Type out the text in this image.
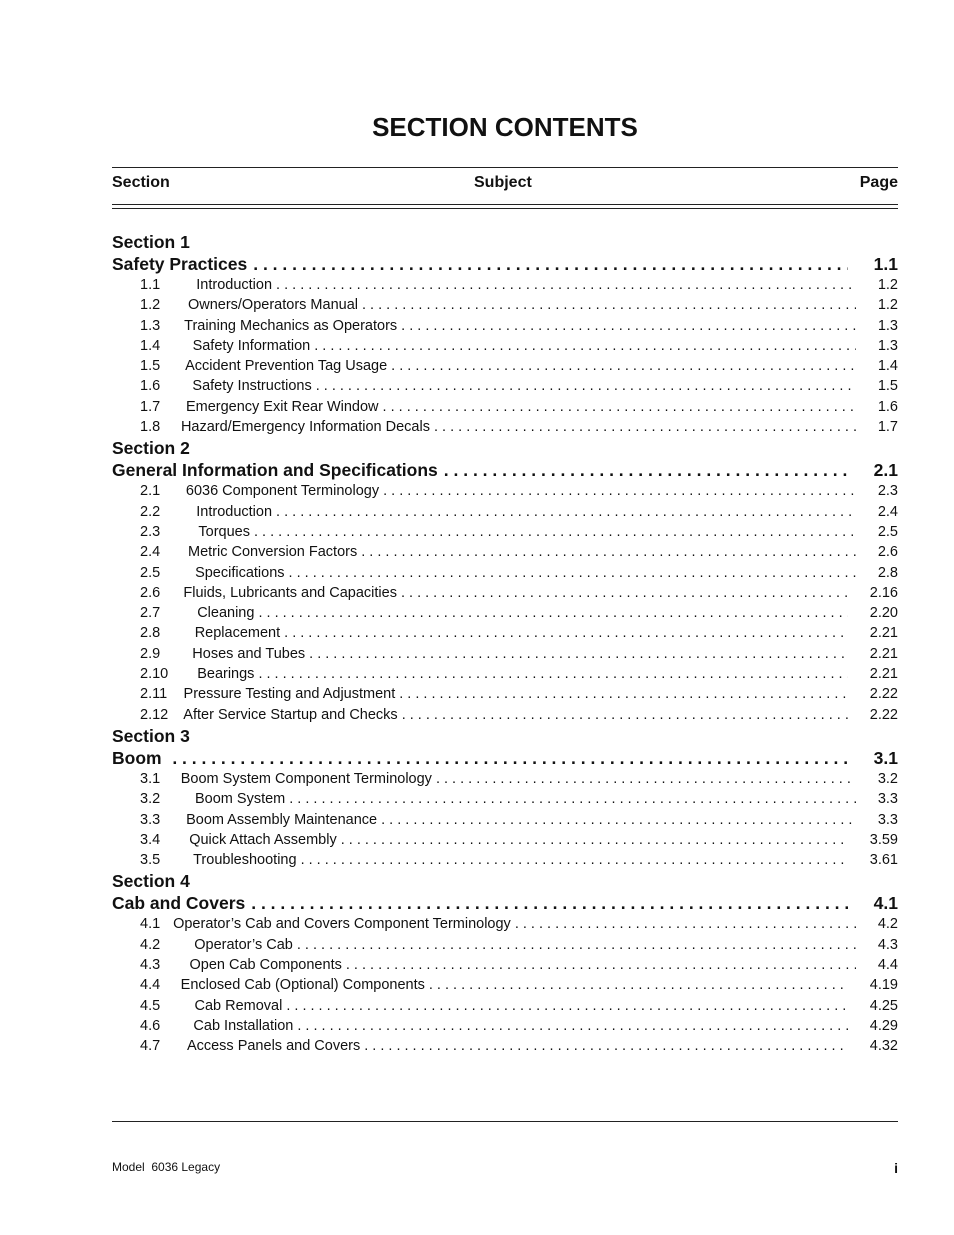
SECTION CONTENTS
Section	Subject	Page
Section 1
Safety Practices . . .	1.1
1.1	Introduction . . .	1.2
1.2	Owners/Operators Manual . . .	1.2
1.3	Training Mechanics as Operators . . .	1.3
1.4	Safety Information . . .	1.3
1.5	Accident Prevention Tag Usage . . .	1.4
1.6	Safety Instructions . . .	1.5
1.7	Emergency Exit Rear Window . . .	1.6
1.8	Hazard/Emergency Information Decals . . .	1.7
Section 2
General Information and Specifications . . .	2.1
2.1	6036 Component Terminology . . .	2.3
2.2	Introduction . . .	2.4
2.3	Torques . . .	2.5
2.4	Metric Conversion Factors . . .	2.6
2.5	Specifications . . .	2.8
2.6	Fluids, Lubricants and Capacities . . .	2.16
2.7	Cleaning . . .	2.20
2.8	Replacement . . .	2.21
2.9	Hoses and Tubes . . .	2.21
2.10	Bearings . . .	2.21
2.11	Pressure Testing and Adjustment . . .	2.22
2.12	After Service Startup and Checks . . .	2.22
Section 3
Boom . . .	3.1
3.1	Boom System Component Terminology . . .	3.2
3.2	Boom System . . .	3.3
3.3	Boom Assembly Maintenance . . .	3.3
3.4	Quick Attach Assembly . . .	3.59
3.5	Troubleshooting . . .	3.61
Section 4
Cab and Covers . . .	4.1
4.1 Operator’s Cab and Covers Component Terminology . . .	4.2
4.2	Operator’s Cab . . .	4.3
4.3	Open Cab Components . . .	4.4
4.4	Enclosed Cab (Optional) Components . . .	4.19
4.5	Cab Removal . . .	4.25
4.6	Cab Installation . . .	4.29
4.7	Access Panels and Covers . . .	4.32
Model  6036 Legacy	i
